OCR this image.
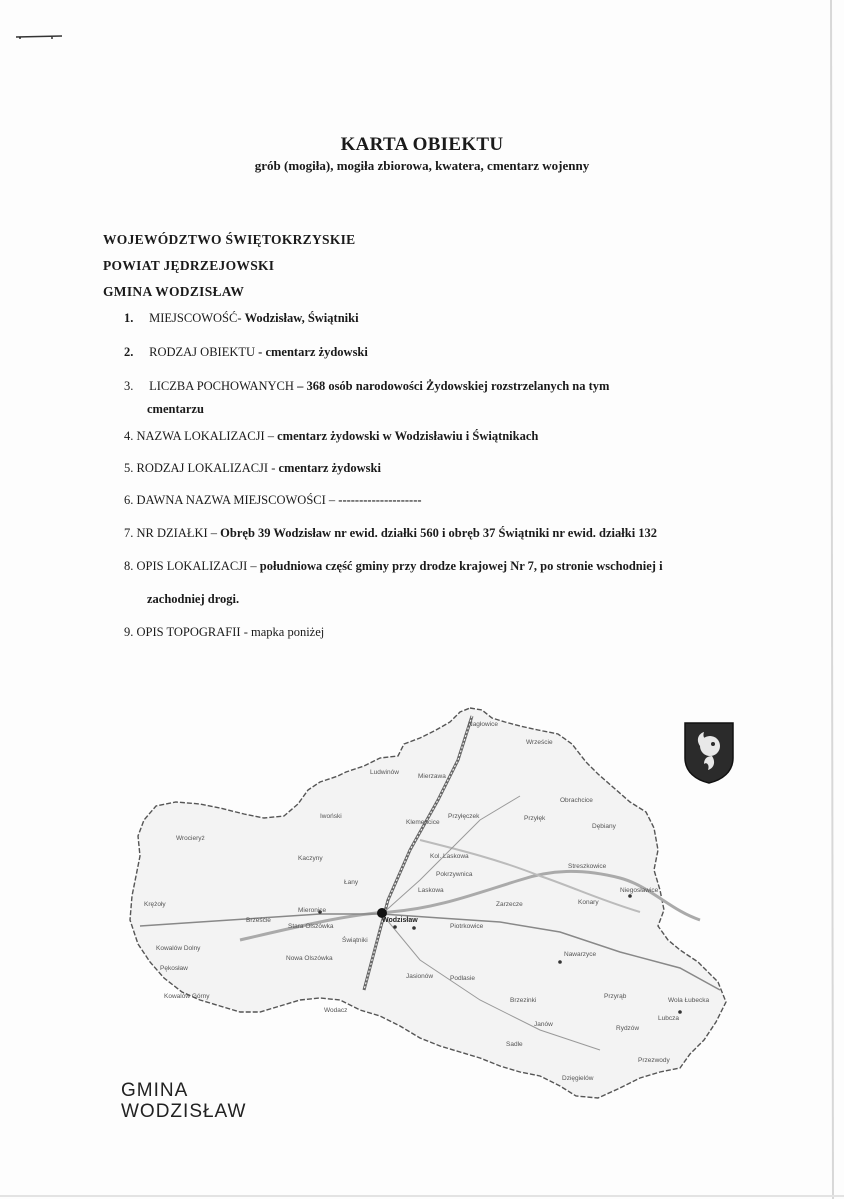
KARTA OBIEKTU
grób (mogiła), mogiła zbiorowa, kwatera, cmentarz wojenny
WOJEWÓDZTWO ŚWIĘTOKRZYSKIE
POWIAT JĘDRZEJOWSKI
GMINA WODZISŁAW
1. MIEJSCOWOŚĆ- Wodzisław, Świątniki
2. RODZAJ OBIEKTU - cmentarz żydowski
3. LICZBA POCHOWANYCH – 368 osób narodowości Żydowskiej rozstrzelanych na tym
cmentarzu
4. NAZWA LOKALIZACJI – cmentarz żydowski w Wodzisławiu i Świątnikach
5. RODZAJ LOKALIZACJI - cmentarz żydowski
6. DAWNA NAZWA MIEJSCOWOŚCI – --------------------
7. NR DZIAŁKI – Obręb 39 Wodzisław nr ewid. działki 560 i obręb 37 Świątniki nr ewid. działki 132
8. OPIS LOKALIZACJI – południowa część gminy przy drodze krajowej Nr 7, po stronie wschodniej i
zachodniej drogi.
9. OPIS TOPOGRAFII - mapka poniżej
Mierzawa
Przyłęczek	Przyłęk
Klemencice
Kol. Laskowa
Laskowa
Łany
Kaczyny
Mieronice
Stara Olszówka
Nowa Olszówka
Świątniki
Wodzisław
Piotrkowice
Nawarzyce
Kowalów Dolny
Kowalów Górny
Pękosław
Krężoły
Brzeście
Wodacz
Brzezinki
Przyrąb
Rydzów
Lubcza
Wola Łubecka
Przezwody
Konary
Niegosławice
Streszkowice
Dębiany
Obrachcice
Zarzecze
Pokrzywnica
Ludwinów
Jasionów
Wrzeście
Podlasie
Sadle
Janów
Dzięgielów
Nagłowice
Wrocieryż
Iwoński
GMINA
WODZISŁAW
